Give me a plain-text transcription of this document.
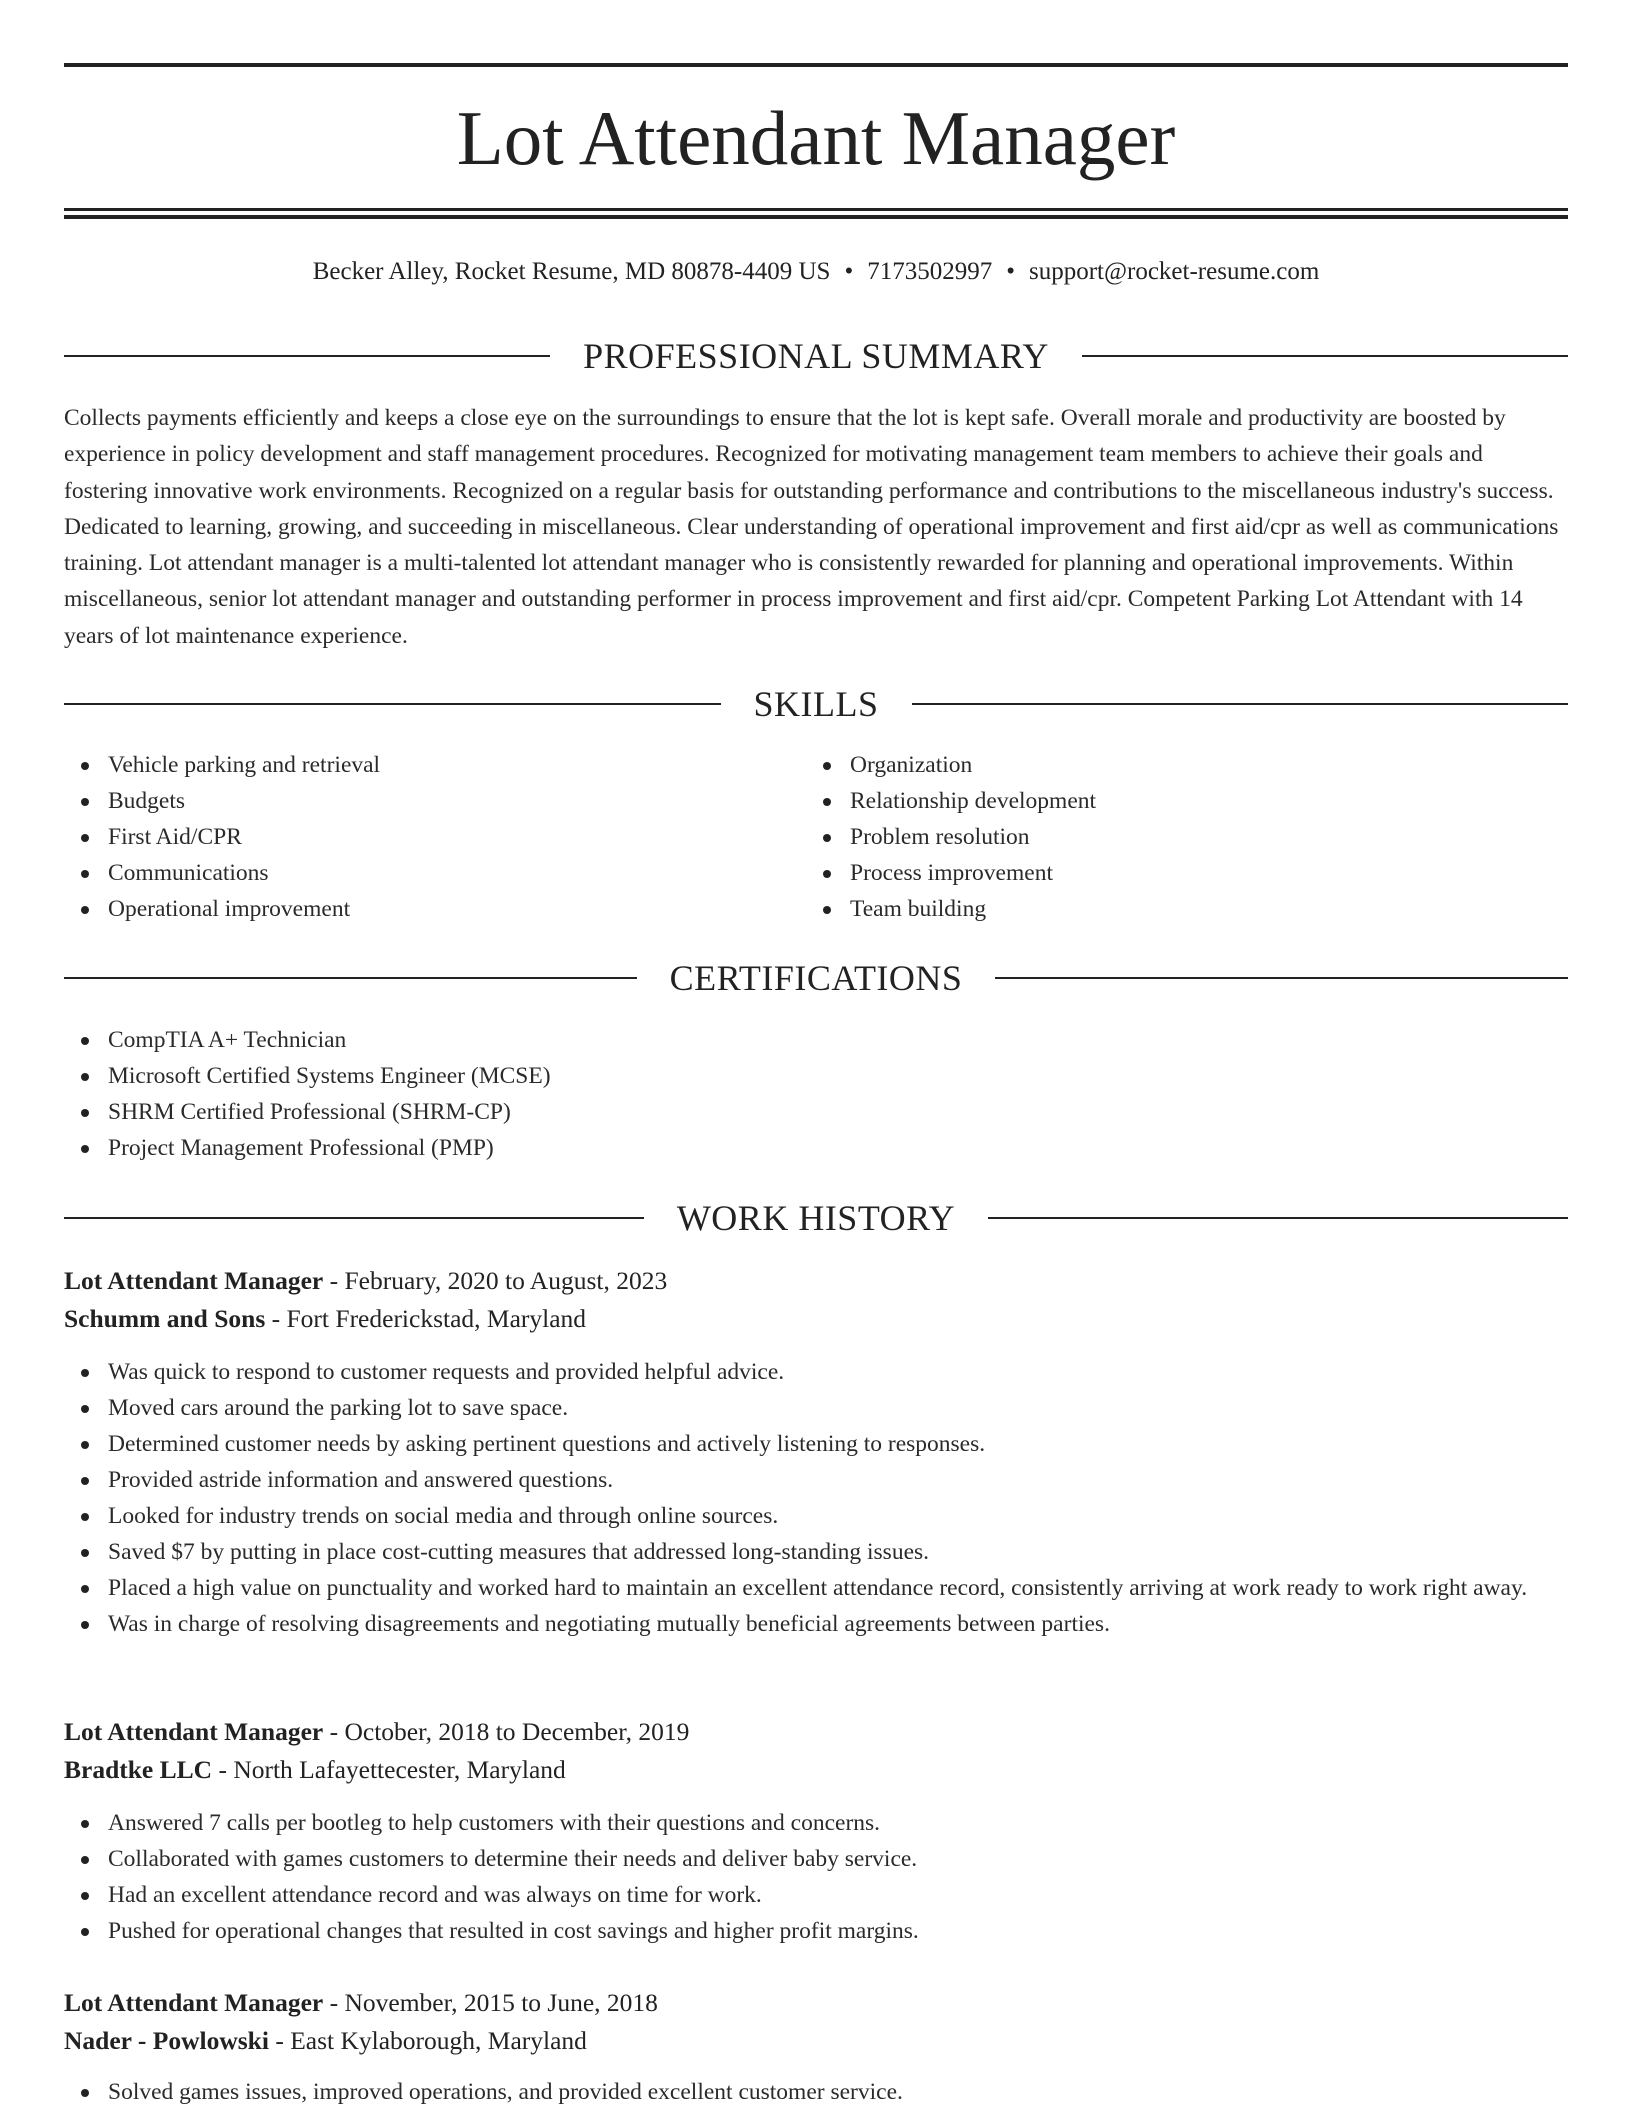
Lot Attendant Manager
Becker Alley, Rocket Resume, MD 80878-4409 US • 7173502997 • support@rocket-resume.com
PROFESSIONAL SUMMARY

Collects payments efficiently and keeps a close eye on the surroundings to ensure that the lot is kept safe. Overall morale and productivity are boosted by experience in policy development and staff management procedures. Recognized for motivating management team members to achieve their goals and fostering innovative work environments. Recognized on a regular basis for outstanding performance and contributions to the miscellaneous industry's success. Dedicated to learning, growing, and succeeding in miscellaneous. Clear understanding of operational improvement and first aid/cpr as well as communications training. Lot attendant manager is a multi-talented lot attendant manager who is consistently rewarded for planning and operational improvements. Within miscellaneous, senior lot attendant manager and outstanding performer in process improvement and first aid/cpr. Competent Parking Lot Attendant with 14 years of lot maintenance experience.

SKILLS
Vehicle parking and retrieval
Budgets
First Aid/CPR
Communications
Operational improvement
Organization
Relationship development
Problem resolution
Process improvement
Team building
CERTIFICATIONS
CompTIA A+ Technician
Microsoft Certified Systems Engineer (MCSE)
SHRM Certified Professional (SHRM-CP)
Project Management Professional (PMP)
WORK HISTORY
Lot Attendant Manager - February, 2020 to August, 2023
Schumm and Sons - Fort Frederickstad, Maryland
Was quick to respond to customer requests and provided helpful advice.
Moved cars around the parking lot to save space.
Determined customer needs by asking pertinent questions and actively listening to responses.
Provided astride information and answered questions.
Looked for industry trends on social media and through online sources.
Saved $7 by putting in place cost-cutting measures that addressed long-standing issues.
Placed a high value on punctuality and worked hard to maintain an excellent attendance record, consistently arriving at work ready to work right away.
Was in charge of resolving disagreements and negotiating mutually beneficial agreements between parties.
Lot Attendant Manager - October, 2018 to December, 2019
Bradtke LLC - North Lafayettecester, Maryland
Answered 7 calls per bootleg to help customers with their questions and concerns.
Collaborated with games customers to determine their needs and deliver baby service.
Had an excellent attendance record and was always on time for work.
Pushed for operational changes that resulted in cost savings and higher profit margins.
Lot Attendant Manager - November, 2015 to June, 2018
Nader - Powlowski - East Kylaborough, Maryland
Solved games issues, improved operations, and provided excellent customer service.
